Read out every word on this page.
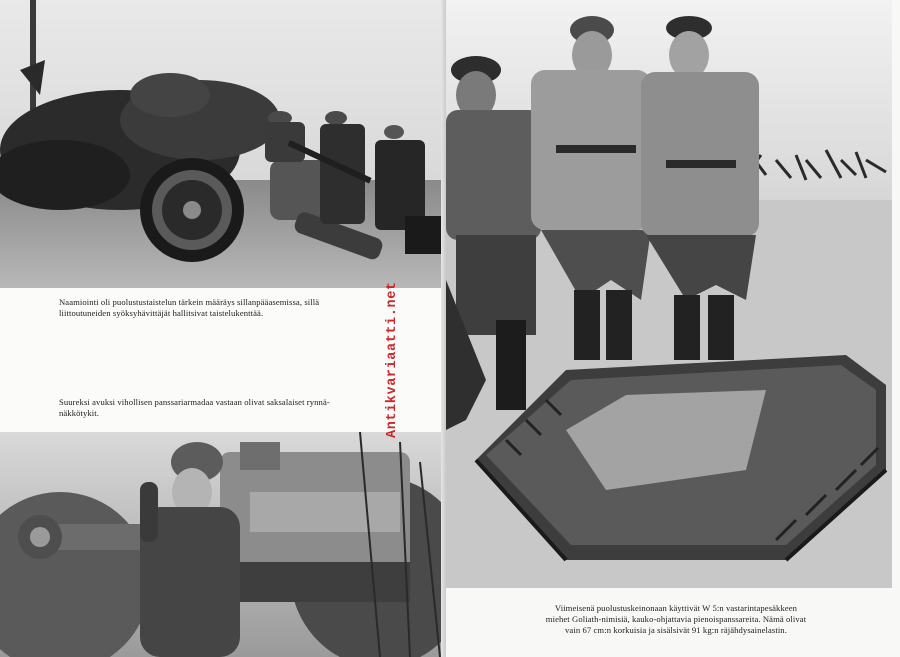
Naamiointi oli puolustustaistelun tärkein määräys sillanpääasemissa, sillä
liittoutuneiden syöksyhävittäjät hallitsivat taistelukenttää.
Suureksi avuksi vihollisen panssariarmadaa vastaan olivat saksalaiset rynnä-
näkkötykit.	Antikvariaatti.net
Viimeisenä puolustuskeinonaan käyttivät W 5:n vastarintapesäkkeen
miehet Goliath-nimisiä, kauko-ohjattavia pienoispanssareita. Nämä olivat
vain 67 cm:n korkuisia ja sisälsivät 91 kg:n räjähdysainelastin.
